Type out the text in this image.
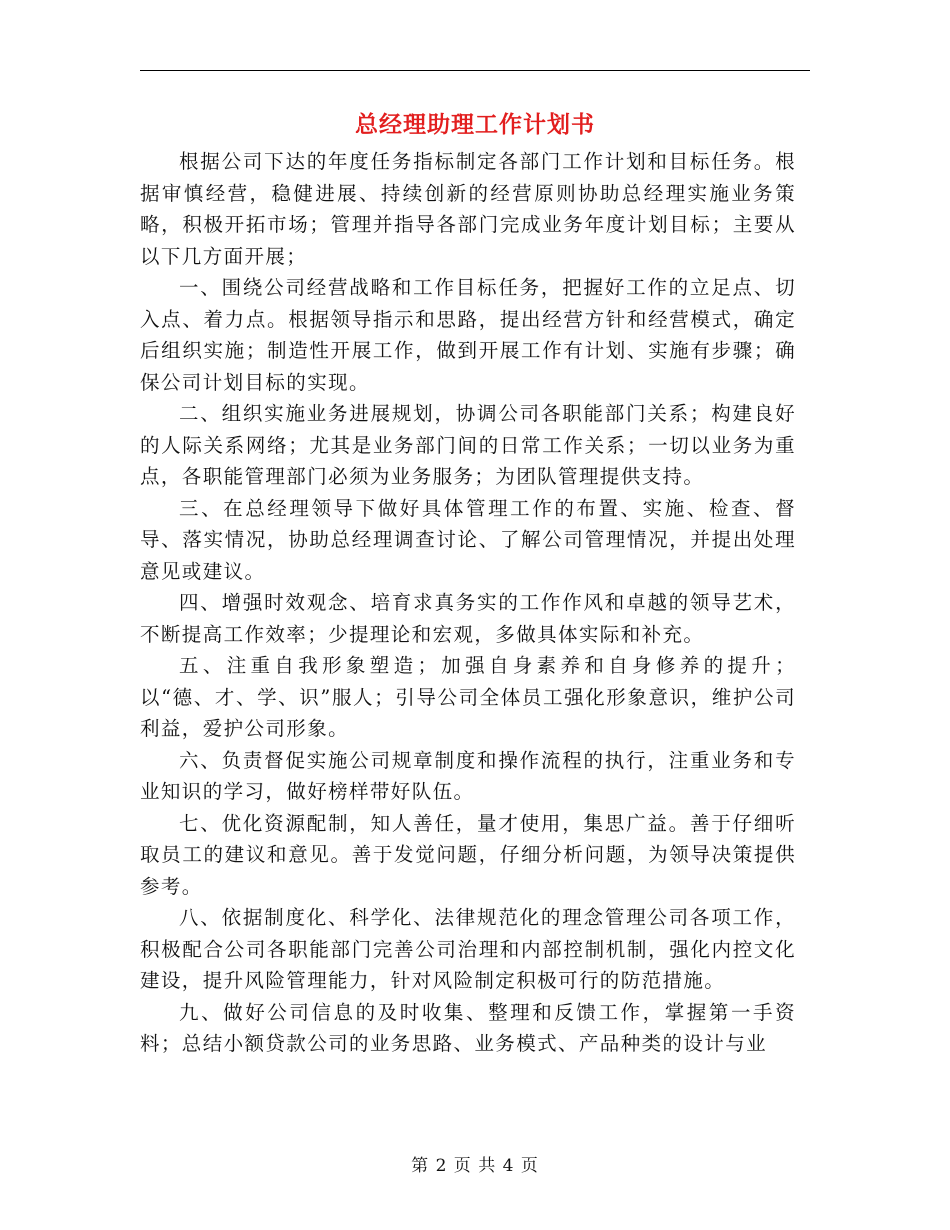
总经理助理工作计划书

根据公司下达的年度任务指标制定各部门工作计划和目标任务。根据审慎经营，稳健进展、持续创新的经营原则协助总经理实施业务策略，积极开拓市场；管理并指导各部门完成业务年度计划目标；主要从以下几方面开展；

一、围绕公司经营战略和工作目标任务，把握好工作的立足点、切入点、着力点。根据领导指示和思路，提出经营方针和经营模式，确定后组织实施；制造性开展工作，做到开展工作有计划、实施有步骤；确保公司计划目标的实现。

二、组织实施业务进展规划，协调公司各职能部门关系；构建良好的人际关系网络；尤其是业务部门间的日常工作关系；一切以业务为重点，各职能管理部门必须为业务服务；为团队管理提供支持。

三、在总经理领导下做好具体管理工作的布置、实施、检查、督导、落实情况，协助总经理调查讨论、了解公司管理情况，并提出处理意见或建议。

四、增强时效观念、培育求真务实的工作作风和卓越的领导艺术，不断提高工作效率；少提理论和宏观，多做具体实际和补充。

五、注重自我形象塑造；加强自身素养和自身修养的提升；以“德、才、学、识”服人；引导公司全体员工强化形象意识，维护公司利益，爱护公司形象。

六、负责督促实施公司规章制度和操作流程的执行，注重业务和专业知识的学习，做好榜样带好队伍。

七、优化资源配制，知人善任，量才使用，集思广益。善于仔细听取员工的建议和意见。善于发觉问题，仔细分析问题，为领导决策提供参考。

八、依据制度化、科学化、法律规范化的理念管理公司各项工作，积极配合公司各职能部门完善公司治理和内部控制机制，强化内控文化建设，提升风险管理能力，针对风险制定积极可行的防范措施。

九、做好公司信息的及时收集、整理和反馈工作，掌握第一手资料；总结小额贷款公司的业务思路、业务模式、产品种类的设计与业

第 2 页 共 4 页
